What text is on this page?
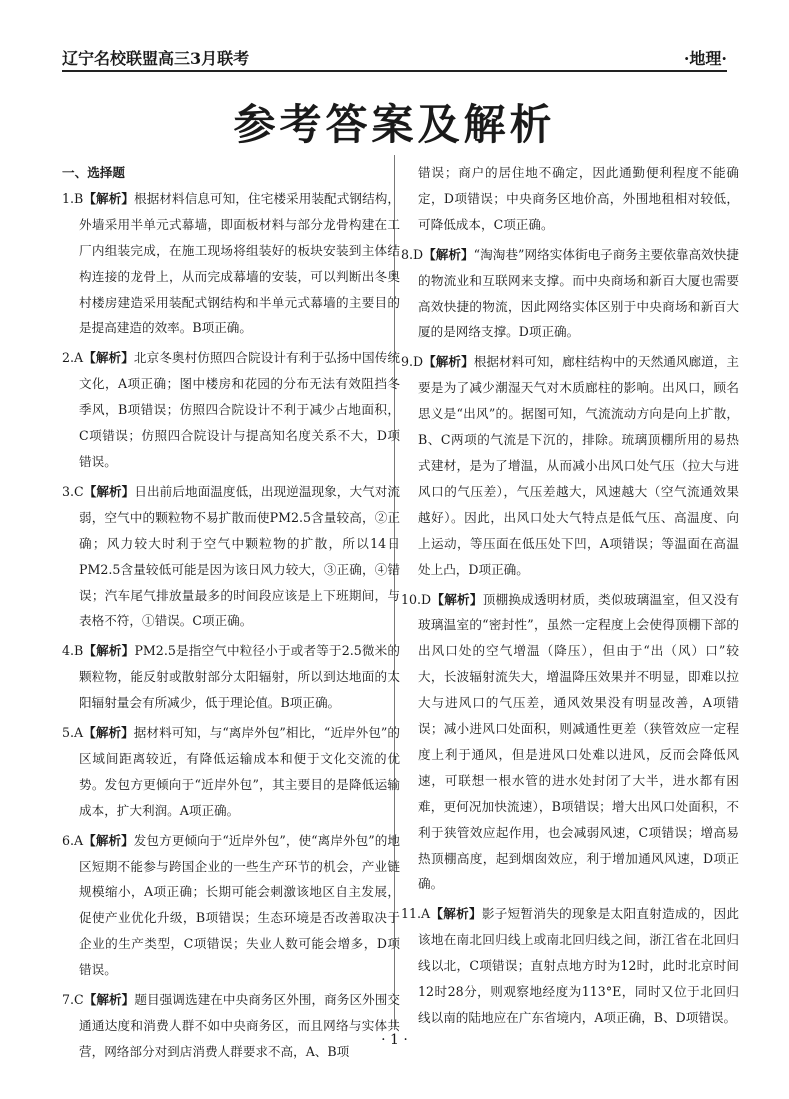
辽宁名校联盟高三3月联考	·地理·
参考答案及解析
一、选择题

1.B【解析】根据材料信息可知，住宅楼采用装配式钢结构，外墙采用半单元式幕墙，即面板材料与部分龙骨构建在工厂内组装完成，在施工现场将组装好的板块安装到主体结构连接的龙骨上，从而完成幕墙的安装，可以判断出冬奥村楼房建造采用装配式钢结构和半单元式幕墙的主要目的是提高建造的效率。B项正确。

2.A【解析】北京冬奥村仿照四合院设计有利于弘扬中国传统文化，A项正确；图中楼房和花园的分布无法有效阻挡冬季风，B项错误；仿照四合院设计不利于减少占地面积，C项错误；仿照四合院设计与提高知名度关系不大，D项错误。

3.C【解析】日出前后地面温度低，出现逆温现象，大气对流弱，空气中的颗粒物不易扩散而使PM2.5含量较高，②正确；风力较大时利于空气中颗粒物的扩散，所以14日PM2.5含量较低可能是因为该日风力较大，③正确，④错误；汽车尾气排放量最多的时间段应该是上下班期间，与表格不符，①错误。C项正确。

4.B【解析】PM2.5是指空气中粒径小于或者等于2.5微米的颗粒物，能反射或散射部分太阳辐射，所以到达地面的太阳辐射量会有所减少，低于理论值。B项正确。

5.A【解析】据材料可知，与“离岸外包”相比，“近岸外包”的区域间距离较近，有降低运输成本和便于文化交流的优势。发包方更倾向于“近岸外包”，其主要目的是降低运输成本，扩大利润。A项正确。

6.A【解析】发包方更倾向于“近岸外包”，使“离岸外包”的地区短期不能参与跨国企业的一些生产环节的机会，产业链规模缩小，A项正确；长期可能会刺激该地区自主发展，促使产业优化升级，B项错误；生态环境是否改善取决于企业的生产类型，C项错误；失业人数可能会增多，D项错误。

7.C【解析】题目强调选建在中央商务区外围，商务区外围交通通达度和消费人群不如中央商务区，而且网络与实体共营，网络部分对到店消费人群要求不高，A、B项

错误；商户的居住地不确定，因此通勤便利程度不能确定，D项错误；中央商务区地价高，外围地租相对较低，可降低成本，C项正确。

8.D【解析】“淘淘巷”网络实体街电子商务主要依靠高效快捷的物流业和互联网来支撑。而中央商场和新百大厦也需要高效快捷的物流，因此网络实体区别于中央商场和新百大厦的是网络支撑。D项正确。

9.D【解析】根据材料可知，廊柱结构中的天然通风廊道，主要是为了减少潮湿天气对木质廊柱的影响。出风口，顾名思义是“出风”的。据图可知，气流流动方向是向上扩散，B、C两项的气流是下沉的，排除。琉璃顶棚所用的易热式建材，是为了增温，从而减小出风口处气压（拉大与进风口的气压差），气压差越大，风速越大（空气流通效果越好）。因此，出风口处大气特点是低气压、高温度、向上运动，等压面在低压处下凹，A项错误；等温面在高温处上凸，D项正确。

10.D【解析】顶棚换成透明材质，类似玻璃温室，但又没有玻璃温室的“密封性”，虽然一定程度上会使得顶棚下部的出风口处的空气增温（降压），但由于“出（风）口”较大，长波辐射流失大，增温降压效果并不明显，即难以拉大与进风口的气压差，通风效果没有明显改善，A项错误；减小进风口处面积，则减通性更差（狭管效应一定程度上利于通风，但是进风口处难以进风，反而会降低风速，可联想一根水管的进水处封闭了大半，进水都有困难，更何况加快流速），B项错误；增大出风口处面积，不利于狭管效应起作用，也会减弱风速，C项错误；增高易热顶棚高度，起到烟囱效应，利于增加通风风速，D项正确。

11.A【解析】影子短暂消失的现象是太阳直射造成的，因此该地在南北回归线上或南北回归线之间，浙江省在北回归线以北，C项错误；直射点地方时为12时，此时北京时间12时28分，则观察地经度为113°E，同时又位于北回归线以南的陆地应在广东省境内，A项正确，B、D项错误。

· 1 ·
